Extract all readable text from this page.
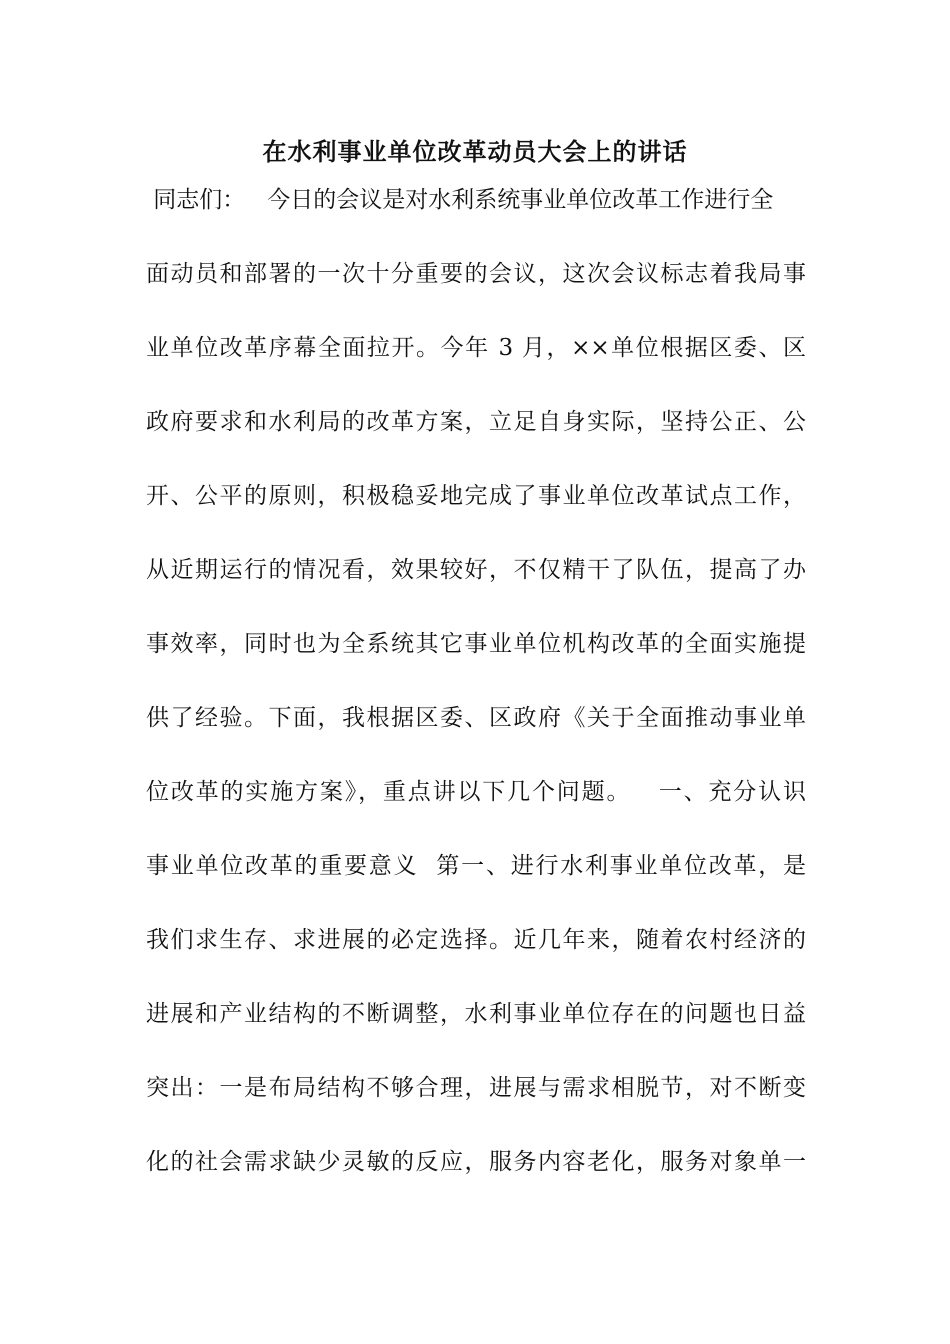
在水利事业单位改革动员大会上的讲话
同志们：   今日的会议是对水利系统事业单位改革工作进行全
面动员和部署的一次十分重要的会议，这次会议标志着我局事
业单位改革序幕全面拉开。今年 3 月，××单位根据区委、区
政府要求和水利局的改革方案，立足自身实际，坚持公正、公
开、公平的原则，积极稳妥地完成了事业单位改革试点工作，
从近期运行的情况看，效果较好，不仅精干了队伍，提高了办
事效率，同时也为全系统其它事业单位机构改革的全面实施提
供了经验。下面，我根据区委、区政府《关于全面推动事业单
位改革的实施方案》，重点讲以下几个问题。   一、充分认识
事业单位改革的重要意义  第一、进行水利事业单位改革，是
我们求生存、求进展的必定选择。近几年来，随着农村经济的
进展和产业结构的不断调整，水利事业单位存在的问题也日益
突出：一是布局结构不够合理，进展与需求相脱节，对不断变
化的社会需求缺少灵敏的反应，服务内容老化，服务对象单一
